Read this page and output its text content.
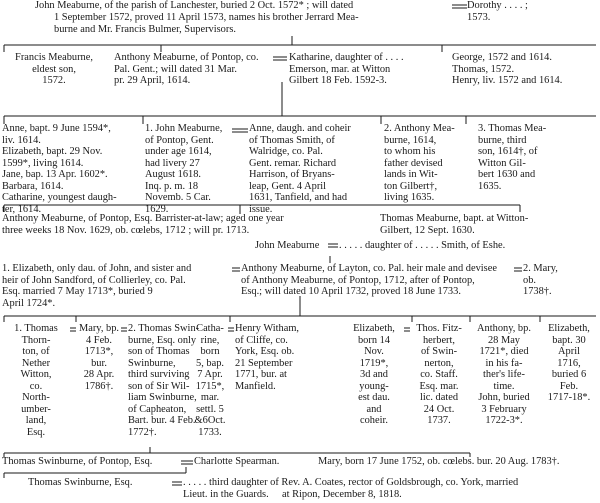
John Meaburne, of the parish of Lanchester, buried 2 Oct. 1572* ; will dated	Dorothy . . . . ;
1573.
1 September 1572, proved 11 April 1573, names his brother Jerrard Mea-
burne and Mr. Francis Bulmer, Supervisors.
Francis Meaburne,
eldest son,
1572.
Anthony Meaburne, of Pontop, co.
Pal. Gent.; will dated 31 Mar.
pr. 29 April, 1614.
Katharine, daughter of . . . .
Emerson, mar. at Witton
Gilbert 18 Feb. 1592-3.
George, 1572 and 1614.
Thomas, 1572.
Henry, liv. 1572 and 1614.
Anne, bapt. 9 June 1594*,
liv. 1614.
Elizabeth, bapt. 29 Nov.
1599*, living 1614.
Jane, bap. 13 Apr. 1602*.
Barbara, 1614.
Catharine, youngest daugh-
ter, 1614.
1. John Meaburne,
of Pontop, Gent.
under age 1614,
had livery 27
August 1618.
Inq. p. m. 18
Novemb. 5 Car.
1629.
Anne, daugh. and coheir
of Thomas Smith, of
Walridge, co. Pal.
Gent. remar. Richard
Harrison, of Bryans-
leap, Gent. 4 April
1631, Tanfield, and had
issue.
2. Anthony Mea-
burne, 1614,
to whom his
father devised
lands in Wit-
ton Gilbert†,
living 1635.
3. Thomas Mea-
burne, third
son, 1614†, of
Witton Gil-
bert 1630 and
1635.
Anthony Meaburne, of Pontop, Esq. Barrister-at-law; aged one year
three weeks 18 Nov. 1629, ob. cœlebs, 1712 ; will pr. 1713.
Thomas Meaburne, bapt. at Witton-
Gilbert, 12 Sept. 1630.
John Meaburne . . . . . daughter of . . . . . Smith, of Eshe.
1. Elizabeth, only dau. of John, and sister and
heir of John Sandford, of Collierley, co. Pal.
Esq. married 7 May 1713*, buried 9
April 1724*.
Anthony Meaburne, of Layton, co. Pal. heir male and devisee
of Anthony Meaburne, of Pontop, 1712, after of Pontop,
Esq.; will dated 10 April 1732, proved 18 June 1733.
2. Mary,
ob.
1738†.
1. Thomas
Thorn-
ton, of
Nether
Witton,
co.
North-
umber-
land,
Esq.
Mary, bp.
4 Feb.
1713*,
bur.
28 Apr.
1786†.
2. Thomas Swin-
burne, Esq. only
son of Thomas
Swinburne,
third surviving
son of Sir Wil-
liam Swinburne,
of Capheaton,
Bart. bur. 4 Feb.
1772†.
Catha-
rine,
born
5, bap.
7 Apr.
1715*,
mar.
settl. 5
&6Oct.
1733.
Henry Witham,
of Cliffe, co.
York, Esq. ob.
21 September
1771, bur. at
Manfield.
Elizabeth,
born 14
Nov.
1719*,
3d and
young-
est dau.
and
coheir.
Thos. Fitz-
herbert,
of Swin-
nerton,
co. Staff.
Esq. mar.
lic. dated
24 Oct.
1737.
Anthony, bp.
28 May
1721*, died
in his fa-
ther's life-
time.
John, buried
3 February
1722-3*.
Elizabeth,
bapt. 30
April
1716,
buried 6
Feb.
1717-18*.
Thomas Swinburne, of Pontop, Esq.	Charlotte Spearman.	Mary, born 17 June 1752, ob. cœlebs. bur. 20 Aug. 1783†.
Thomas Swinburne, Esq.	. . . . . third daughter of Rev. A. Coates, rector of Goldsbrough, co. York, married
Lieut. in the Guards.	at Ripon, December 8, 1818.
